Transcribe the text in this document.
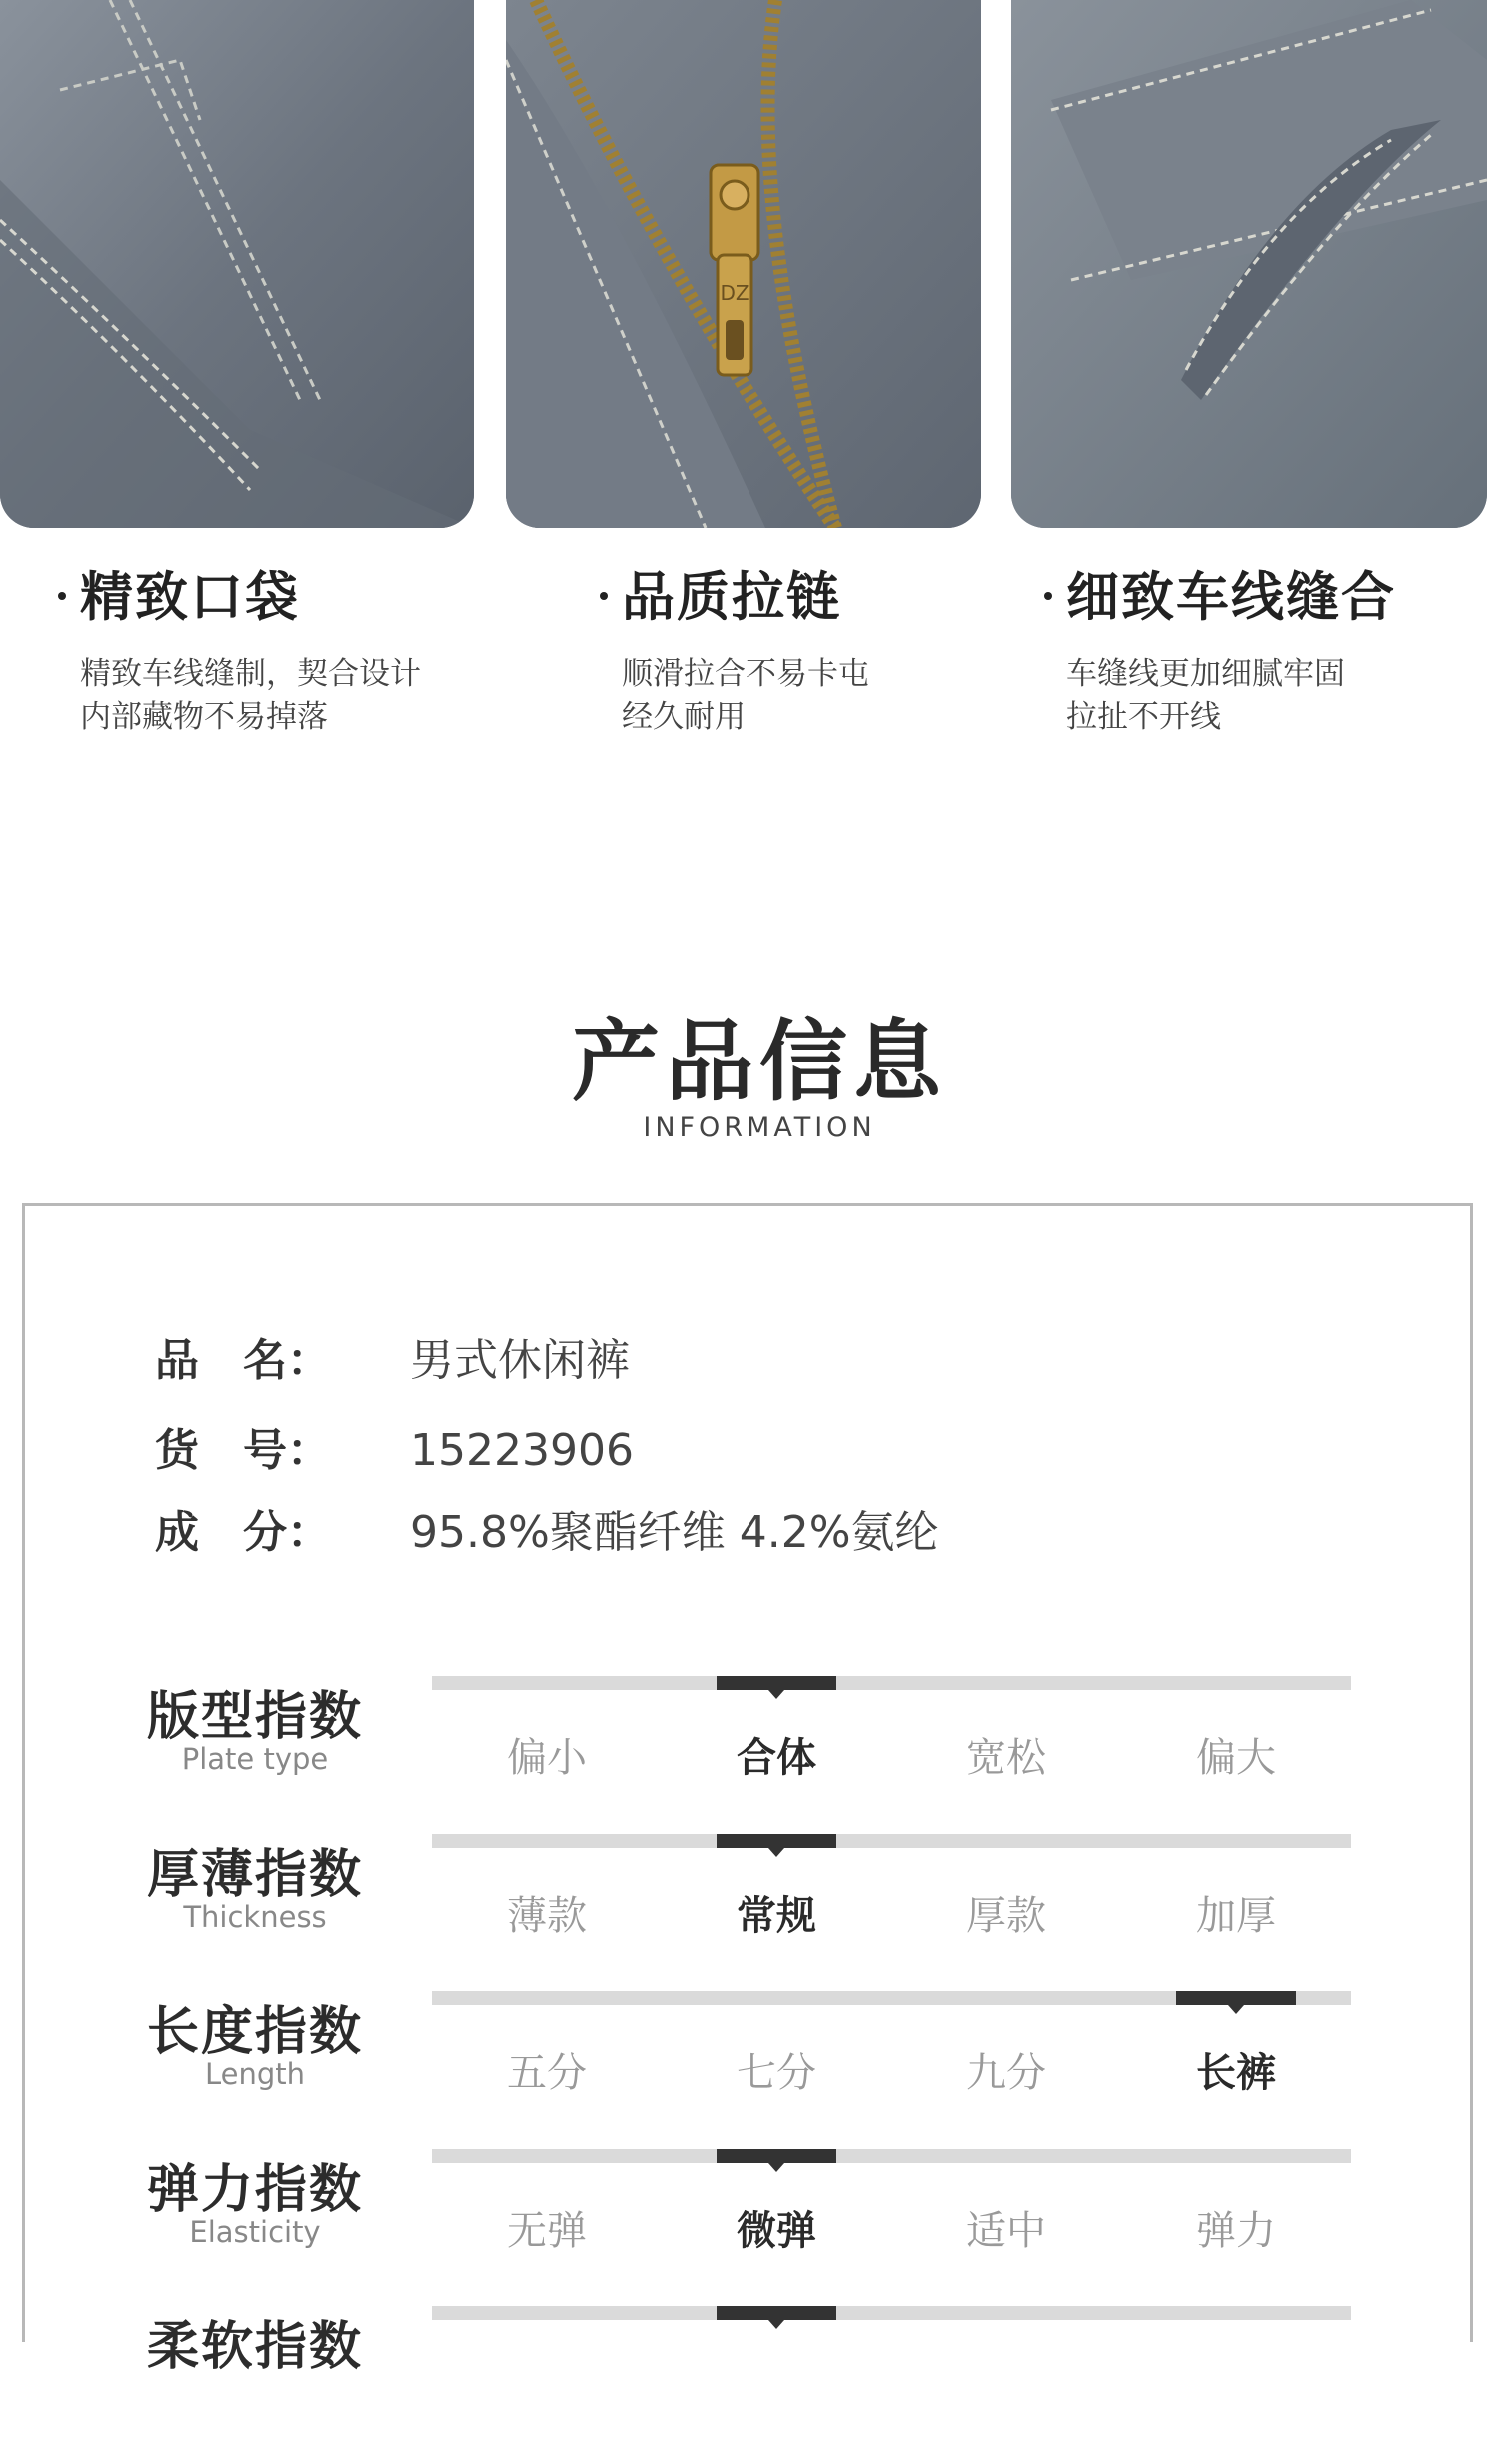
DZ
精致口袋
精致车线缝制，契合设计
内部藏物不易掉落
品质拉链
顺滑拉合不易卡屯
经久耐用
细致车线缝合
车缝线更加细腻牢固
拉扯不开线
产品信息
INFORMATION
品　名： 男式休闲裤
货　号： 15223906
成　分： 95.8%聚酯纤维 4.2%氨纶
版型指数
Plate type	偏小	合体	宽松	偏大
厚薄指数
Thickness	薄款	常规	厚款	加厚
长度指数
Length	五分	七分	九分	长裤
弹力指数
Elasticity	无弹	微弹	适中	弹力
柔软指数
